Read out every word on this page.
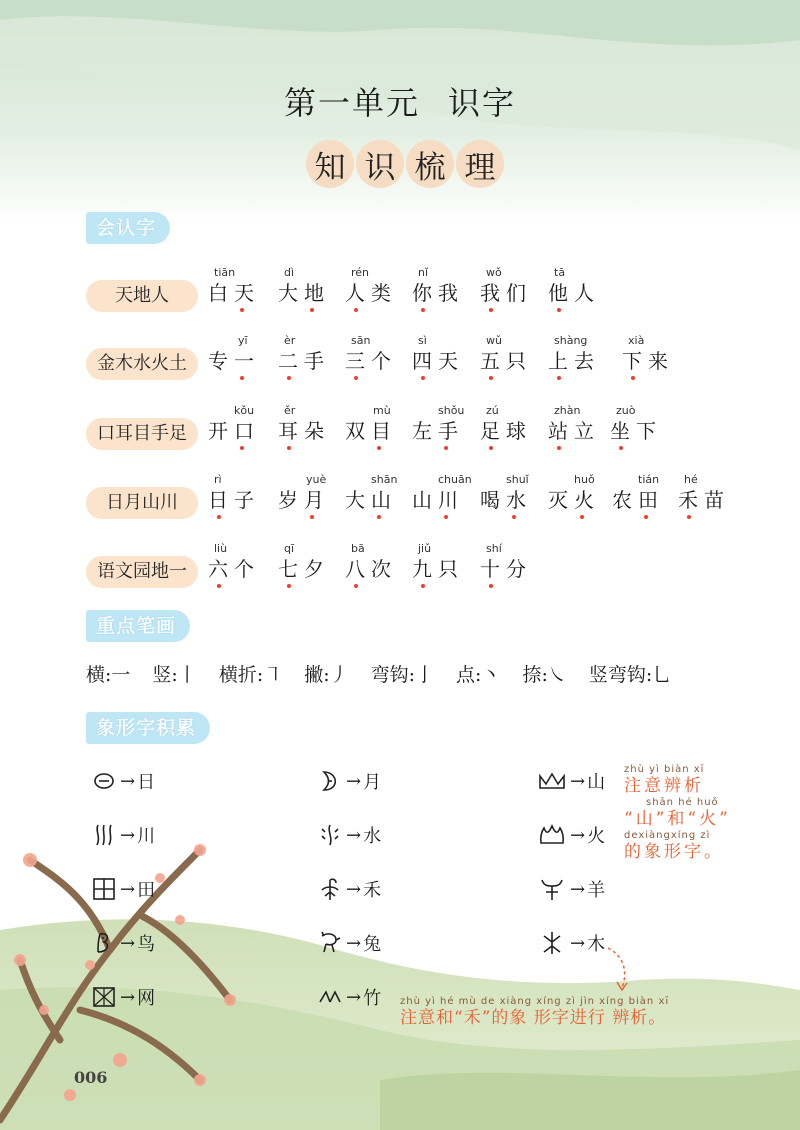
第一单元 识字
知 识 梳 理
会认字
天地人
tiān
白天
dì
大地
rén
人类
nǐ
你我
wǒ
我们
tā
他人
金木水火土
yī
专一
èr
二手
sān
三个
sì
四天
wǔ
五只
shàng
上去
xià
下来
口耳目手足
kǒu
开口
ěr
耳朵
mù
双目
shǒu
左手
zú
足球
zhàn
站立
zuò
坐下
日月山川
rì
日子
yuè
岁月
shān
大山
chuān
山川
shuǐ
喝水
huǒ
灭火
tián
农田
hé
禾苗
语文园地一
liù
六个
qī
七夕
bā
八次
jiǔ
九只
shí
十分
重点笔画
横:一 竖:丨 横折:㇕ 撇:丿 弯钩:亅 点:丶 捺:㇏ 竖弯钩:乚
象形字积累
→ 日
→ 川
→ 田
→ 鸟
→ 网
→ 月
→ 水
→ 禾
→ 兔
→ 竹
→ 山
→ 火
→ 羊
→ 木
zhù yì biàn xī
注意辨析
shān hé huǒ
“山”和“火”
dexiàngxíng zì
的象形字。
zhù yì hé mù de xiàng xíng zì jìn xíng biàn xī
注意和“禾”的象 形字进行 辨析。
006
